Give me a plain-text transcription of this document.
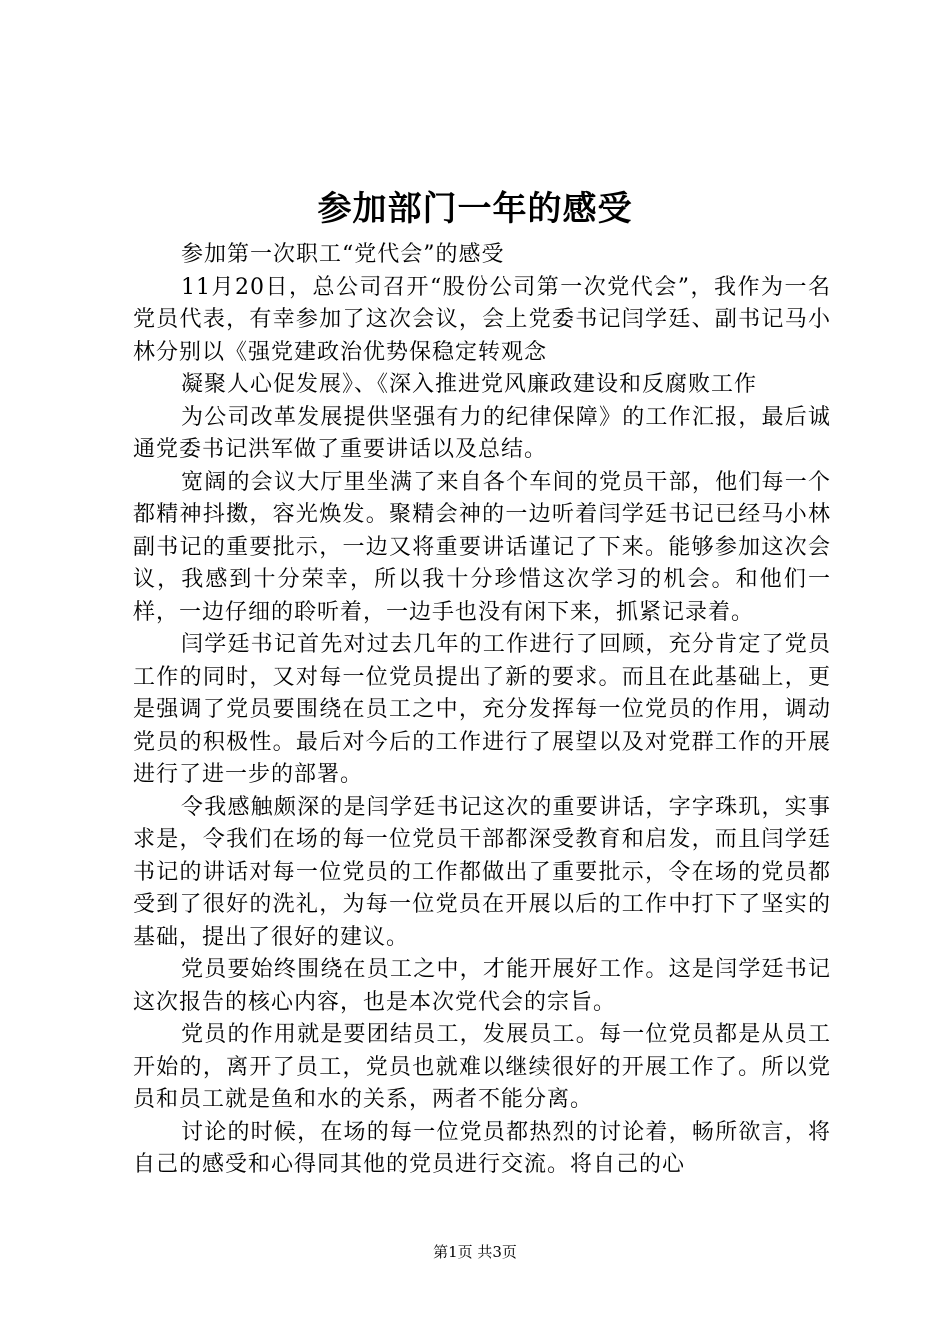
参加部门一年的感受

参加第一次职工“党代会”的感受

11月20日，总公司召开“股份公司第一次党代会”，我作为一名党员代表，有幸参加了这次会议，会上党委书记闫学廷、副书记马小林分别以《强党建政治优势保稳定转观念

凝聚人心促发展》、《深入推进党风廉政建设和反腐败工作

为公司改革发展提供坚强有力的纪律保障》的工作汇报，最后诚通党委书记洪军做了重要讲话以及总结。

宽阔的会议大厅里坐满了来自各个车间的党员干部，他们每一个都精神抖擞，容光焕发。聚精会神的一边听着闫学廷书记已经马小林副书记的重要批示，一边又将重要讲话谨记了下来。能够参加这次会议，我感到十分荣幸，所以我十分珍惜这次学习的机会。和他们一样，一边仔细的聆听着，一边手也没有闲下来，抓紧记录着。

闫学廷书记首先对过去几年的工作进行了回顾，充分肯定了党员工作的同时，又对每一位党员提出了新的要求。而且在此基础上，更是强调了党员要围绕在员工之中，充分发挥每一位党员的作用，调动党员的积极性。最后对今后的工作进行了展望以及对党群工作的开展进行了进一步的部署。

令我感触颇深的是闫学廷书记这次的重要讲话，字字珠玑，实事求是，令我们在场的每一位党员干部都深受教育和启发，而且闫学廷书记的讲话对每一位党员的工作都做出了重要批示，令在场的党员都受到了很好的洗礼，为每一位党员在开展以后的工作中打下了坚实的基础，提出了很好的建议。

党员要始终围绕在员工之中，才能开展好工作。这是闫学廷书记这次报告的核心内容，也是本次党代会的宗旨。

党员的作用就是要团结员工，发展员工。每一位党员都是从员工开始的，离开了员工，党员也就难以继续很好的开展工作了。所以党员和员工就是鱼和水的关系，两者不能分离。

讨论的时候，在场的每一位党员都热烈的讨论着，畅所欲言，将自己的感受和心得同其他的党员进行交流。将自己的心

第1页 共3页
